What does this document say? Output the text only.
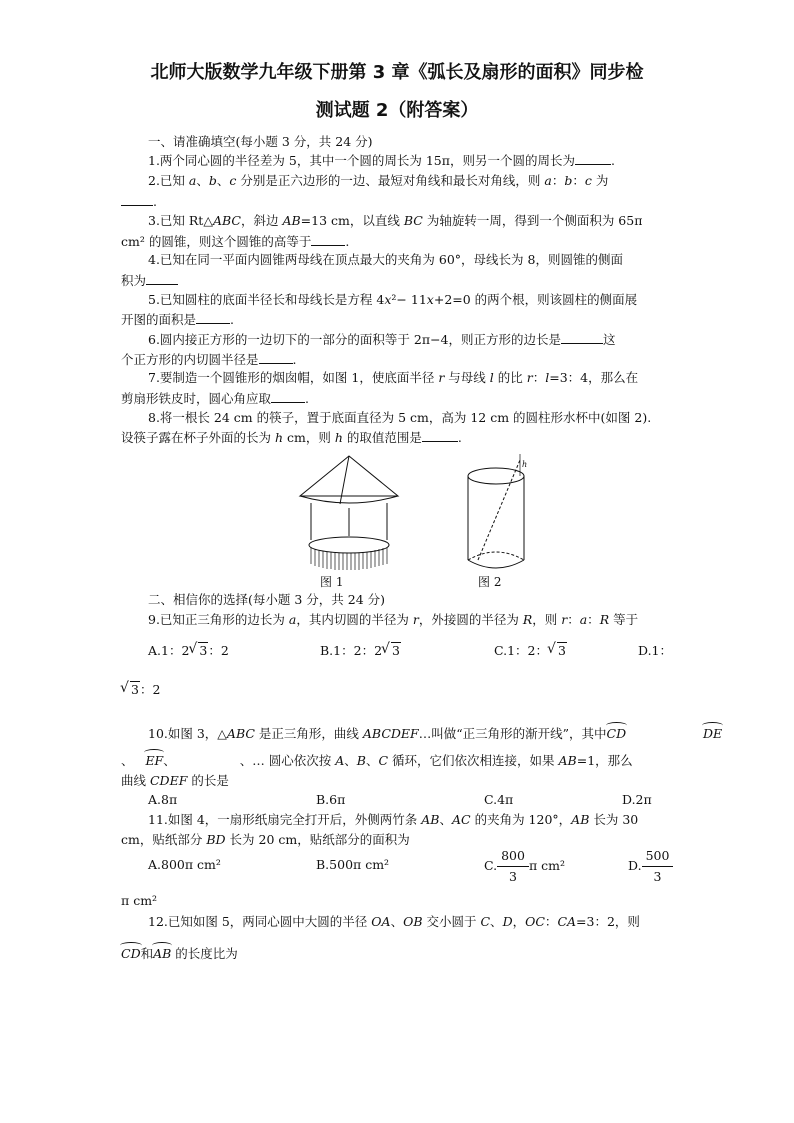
北师大版数学九年级下册第 3 章《弧长及扇形的面积》同步检
测试题 2（附答案）
一、请准确填空(每小题 3 分，共 24 分)
1.两个同心圆的半径差为 5，其中一个圆的周长为 15π，则另一个圆的周长为	.
2.已知 a、b、c 分别是正六边形的一边、最短对角线和最长对角线，则 a：b：c 为
.
3.已知 Rt△ABC，斜边 AB=13 cm，以直线 BC 为轴旋转一周，得到一个侧面积为 65π
cm² 的圆锥，则这个圆锥的高等于	.
4.已知在同一平面内圆锥两母线在顶点最大的夹角为 60°，母线长为 8，则圆锥的侧面
积为
5.已知圆柱的底面半径长和母线长是方程 4x²− 11x+2=0 的两个根，则该圆柱的侧面展
开图的面积是	.
6.圆内接正方形的一边切下的一部分的面积等于 2π−4，则正方形的边长是	这
个正方形的内切圆半径是	.
7.要制造一个圆锥形的烟囱帽，如图 1，使底面半径 r 与母线 l 的比 r：l=3：4，那么在
剪扇形铁皮时，圆心角应取	.
8.将一根长 24 cm 的筷子，置于底面直径为 5 cm，高为 12 cm 的圆柱形水杯中(如图 2).
设筷子露在杯子外面的长为 h cm，则 h 的取值范围是	.
图 1
h
图 2
二、相信你的选择(每小题 3 分，共 24 分)
9.已知正三角形的边长为 a，其内切圆的半径为 r，外接圆的半径为 R，则 r：a：R 等于
A.1：2 √ 3：2	B.1：2：2 √ 3	C.1：2： √ 3	D.1：
√ 3：2
10.如图 3，△ABC 是正三角形，曲线 ABCDEF…叫做“正三角形的渐开线”，其中CD	DE
、 EF、	、… 圆心依次按 A、B、C 循环，它们依次相连接，如果 AB=1，那么
曲线 CDEF 的长是
A.8π	B.6π	C.4π	D.2π
11.如图 4，一扇形纸扇完全打开后，外侧两竹条 AB、AC 的夹角为 120°，AB 长为 30
cm，贴纸部分 BD 长为 20 cm，贴纸部分的面积为
A.800π cm²	B.500π cm²	C. $\frac{800}{3}$ π cm²	D. $\frac{500}{3}$
π cm²
12.已知如图 5，两同心圆中大圆的半径 OA、OB 交小圆于 C、D，OC：CA=3：2，则
CD和AB 的长度比为
